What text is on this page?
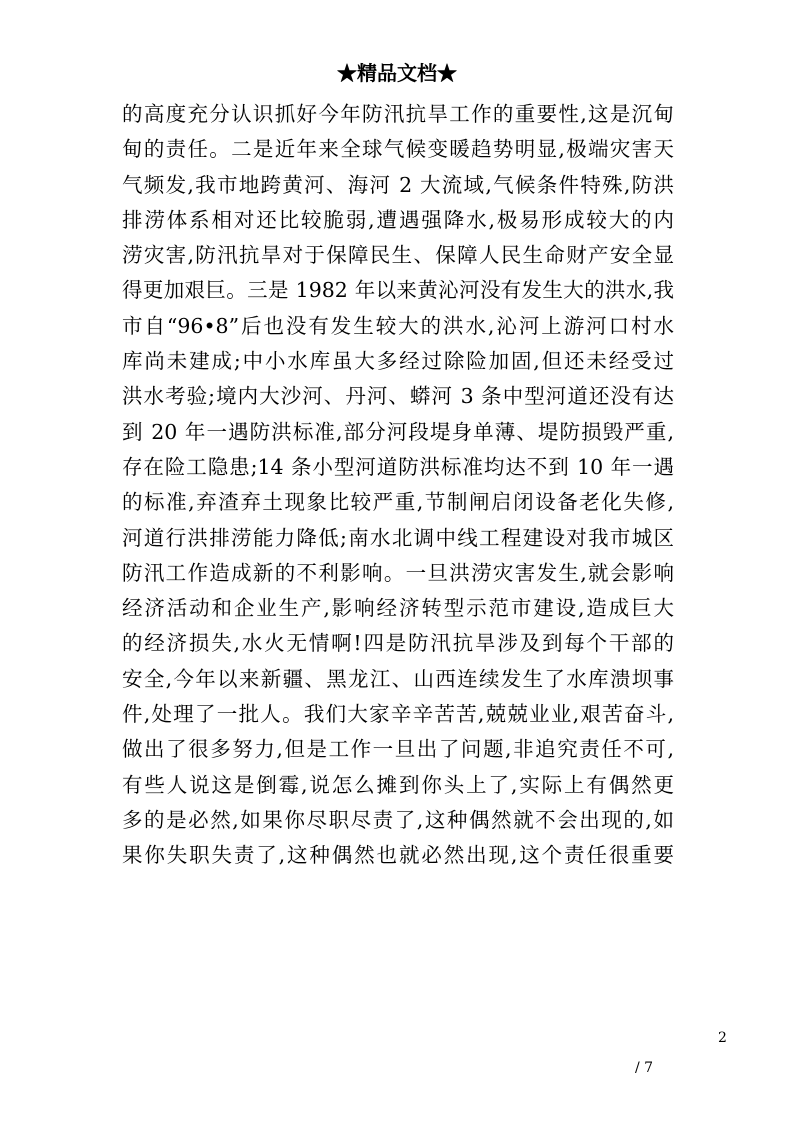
★精品文档★
的高度充分认识抓好今年防汛抗旱工作的重要性,这是沉甸
甸的责任。二是近年来全球气候变暖趋势明显,极端灾害天
气频发,我市地跨黄河、海河 2 大流域,气候条件特殊,防洪
排涝体系相对还比较脆弱,遭遇强降水,极易形成较大的内
涝灾害,防汛抗旱对于保障民生、保障人民生命财产安全显
得更加艰巨。三是 1982 年以来黄沁河没有发生大的洪水,我
市自“96•8”后也没有发生较大的洪水,沁河上游河口村水
库尚未建成;中小水库虽大多经过除险加固,但还未经受过
洪水考验;境内大沙河、丹河、蟒河 3 条中型河道还没有达
到 20 年一遇防洪标准,部分河段堤身单薄、堤防损毁严重,
存在险工隐患;14 条小型河道防洪标准均达不到 10 年一遇
的标准,弃渣弃土现象比较严重,节制闸启闭设备老化失修,
河道行洪排涝能力降低;南水北调中线工程建设对我市城区
防汛工作造成新的不利影响。一旦洪涝灾害发生,就会影响
经济活动和企业生产,影响经济转型示范市建设,造成巨大
的经济损失,水火无情啊!四是防汛抗旱涉及到每个干部的
安全,今年以来新疆、黑龙江、山西连续发生了水库溃坝事
件,处理了一批人。我们大家辛辛苦苦,兢兢业业,艰苦奋斗,
做出了很多努力,但是工作一旦出了问题,非追究责任不可,
有些人说这是倒霉,说怎么摊到你头上了,实际上有偶然更
多的是必然,如果你尽职尽责了,这种偶然就不会出现的,如
果你失职失责了,这种偶然也就必然出现,这个责任很重要
2
/ 7
